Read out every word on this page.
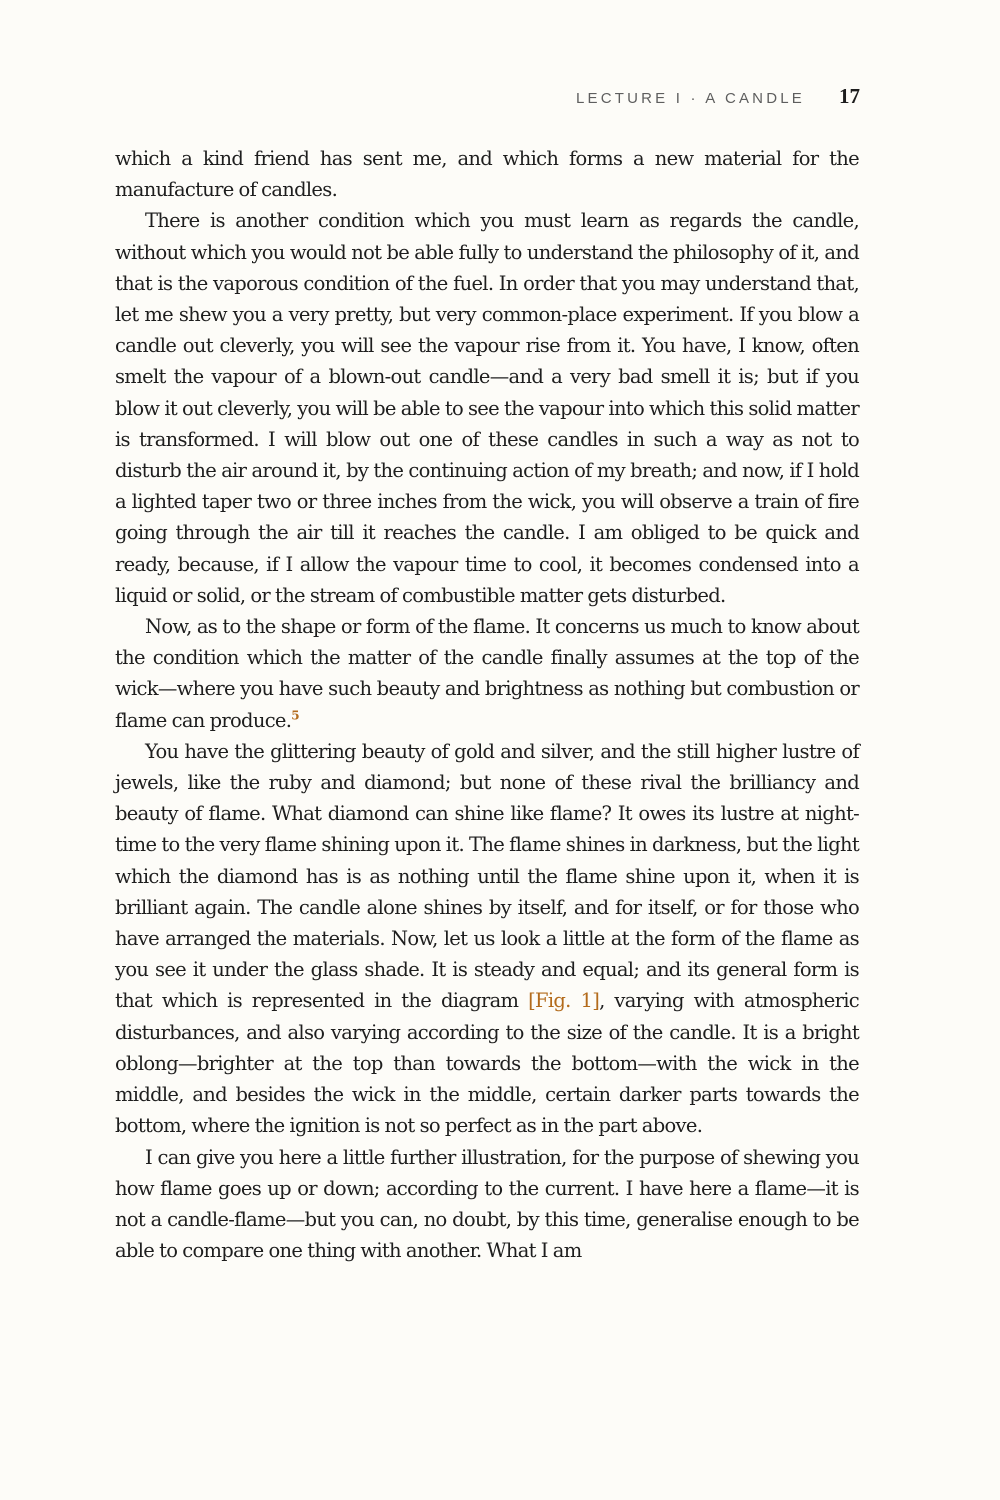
LECTURE I · A CANDLE 17

which a kind friend has sent me, and which forms a new material for the manufacture of candles.

There is another condition which you must learn as regards the candle, without which you would not be able fully to understand the philosophy of it, and that is the vaporous condition of the fuel. In order that you may understand that, let me shew you a very pretty, but very common-place experiment. If you blow a candle out cleverly, you will see the vapour rise from it. You have, I know, often smelt the vapour of a blown-out candle—and a very bad smell it is; but if you blow it out cleverly, you will be able to see the vapour into which this solid matter is transformed. I will blow out one of these candles in such a way as not to disturb the air around it, by the continuing action of my breath; and now, if I hold a lighted taper two or three inches from the wick, you will observe a train of fire going through the air till it reaches the candle. I am obliged to be quick and ready, because, if I allow the vapour time to cool, it becomes condensed into a liquid or solid, or the stream of combustible matter gets disturbed.

Now, as to the shape or form of the flame. It concerns us much to know about the condition which the matter of the candle finally assumes at the top of the wick—where you have such beauty and brightness as nothing but combustion or flame can produce.$^5$

You have the glittering beauty of gold and silver, and the still higher lustre of jewels, like the ruby and diamond; but none of these rival the brilliancy and beauty of flame. What diamond can shine like flame? It owes its lustre at night-time to the very flame shining upon it. The flame shines in darkness, but the light which the diamond has is as nothing until the flame shine upon it, when it is brilliant again. The candle alone shines by itself, and for itself, or for those who have arranged the materials. Now, let us look a little at the form of the flame as you see it under the glass shade. It is steady and equal; and its general form is that which is represented in the diagram [Fig. 1], varying with atmospheric disturbances, and also varying according to the size of the candle. It is a bright oblong—brighter at the top than towards the bottom—with the wick in the middle, and besides the wick in the middle, certain darker parts towards the bottom, where the ignition is not so perfect as in the part above.

I can give you here a little further illustration, for the purpose of shewing you how flame goes up or down; according to the current. I have here a flame—it is not a candle-flame—but you can, no doubt, by this time, generalise enough to be able to compare one thing with another. What I am
